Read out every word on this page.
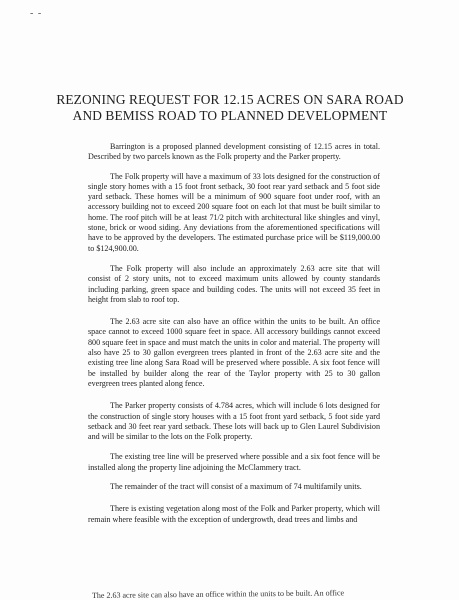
- -
REZONING REQUEST FOR 12.15 ACRES ON SARA ROAD
AND BEMISS ROAD TO PLANNED DEVELOPMENT

Barrington is a proposed planned development consisting of 12.15 acres in total. Described by two parcels known as the Folk property and the Parker property.

The Folk property will have a maximum of 33 lots designed for the construction of single story homes with a 15 foot front setback, 30 foot rear yard setback and 5 foot side yard setback. These homes will be a minimum of 900 square foot under roof, with an accessory building not to exceed 200 square foot on each lot that must be built similar to home. The roof pitch will be at least 71/2 pitch with architectural like shingles and vinyl, stone, brick or wood siding. Any deviations from the aforementioned specifications will have to be approved by the developers. The estimated purchase price will be $119,000.00 to $124,900.00.

The Folk property will also include an approximately 2.63 acre site that will consist of 2 story units, not to exceed maximum units allowed by county standards including parking, green space and building codes. The units will not exceed 35 feet in height from slab to roof top.

The 2.63 acre site can also have an office within the units to be built. An office space cannot to exceed 1000 square feet in space. All accessory buildings cannot exceed 800 square feet in space and must match the units in color and material. The property will also have 25 to 30 gallon evergreen trees planted in front of the 2.63 acre site and the existing tree line along Sara Road will be preserved where possible. A six foot fence will be installed by builder along the rear of the Taylor property with 25 to 30 gallon evergreen trees planted along fence.

The Parker property consists of 4.784 acres, which will include 6 lots designed for the construction of single story houses with a 15 foot front yard setback, 5 foot side yard setback and 30 feet rear yard setback. These lots will back up to Glen Laurel Subdivision and will be similar to the lots on the Folk property.

The existing tree line will be preserved where possible and a six foot fence will be installed along the property line adjoining the McClammery tract.

The remainder of the tract will consist of a maximum of 74 multifamily units.

There is existing vegetation along most of the Folk and Parker property, which will remain where feasible with the exception of undergrowth, dead trees and limbs and

The 2.63 acre site can also have an office within the units to be built. An office
